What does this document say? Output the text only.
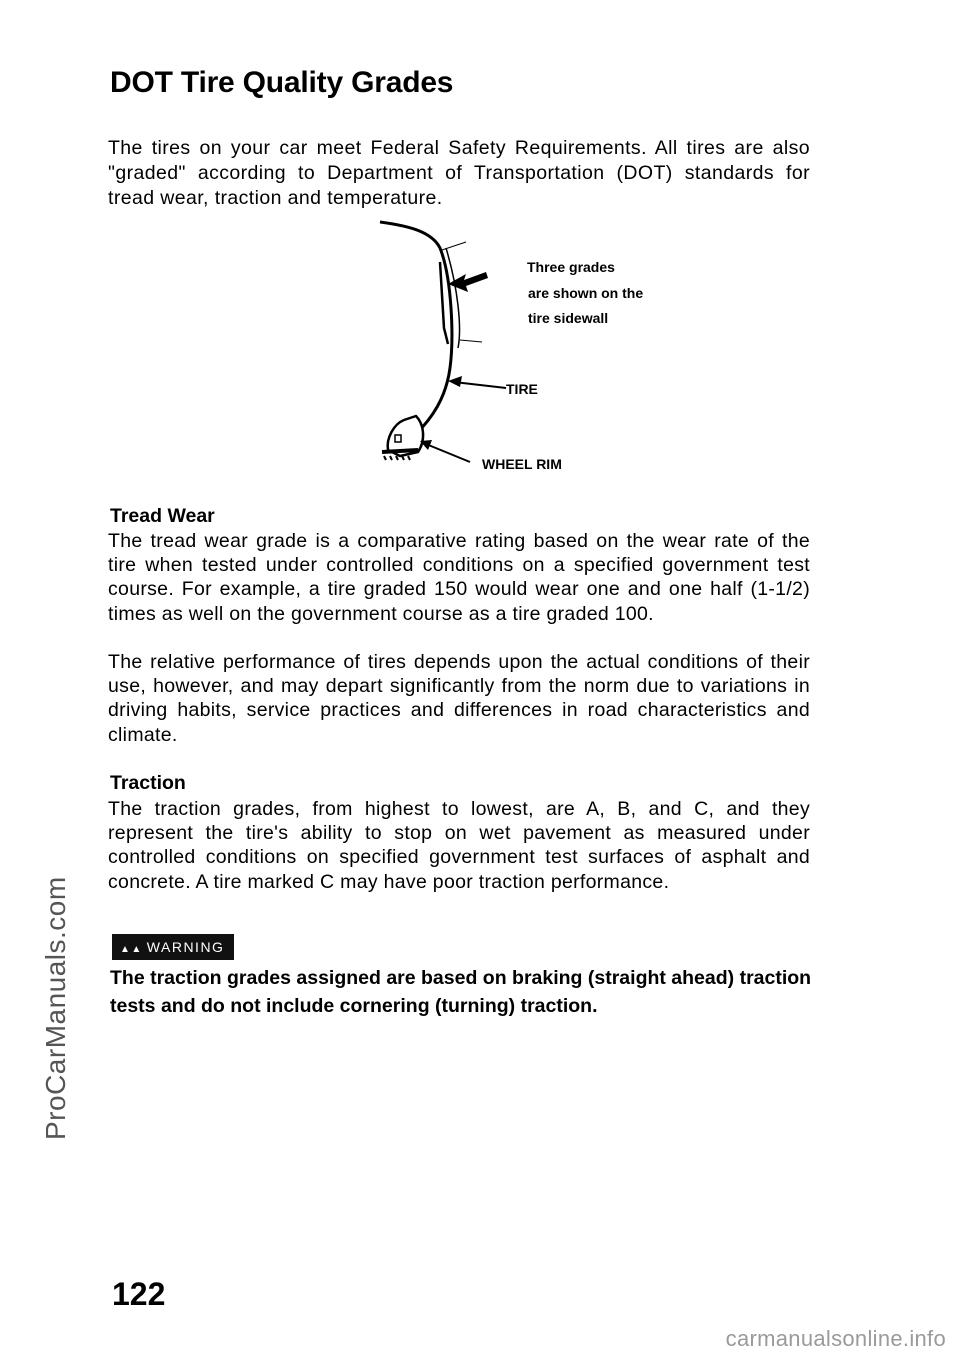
DOT Tire Quality Grades

The tires on your car meet Federal Safety Requirements. All tires are also "graded" according to Department of Transportation (DOT) standards for tread wear, traction and temperature.

Three grades
are shown on the
tire sidewall
TIRE
WHEEL RIM
Tread Wear

The tread wear grade is a comparative rating based on the wear rate of the tire when tested under controlled conditions on a specified government test course. For example, a tire graded 150 would wear one and one half (1-1/2) times as well on the government course as a tire graded 100.

The relative performance of tires depends upon the actual conditions of their use, however, and may depart significantly from the norm due to variations in driving habits, service practices and differences in road characteristics and climate.

Traction

The traction grades, from highest to lowest, are A, B, and C, and they represent the tire's ability to stop on wet pavement as measured under controlled conditions on specified government test surfaces of asphalt and concrete. A tire marked C may have poor traction performance.

▲▲ WARNING

The traction grades assigned are based on braking (straight ahead) traction tests and do not include cornering (turning) traction.

122
ProCarManuals.com
carmanualsonline.info
